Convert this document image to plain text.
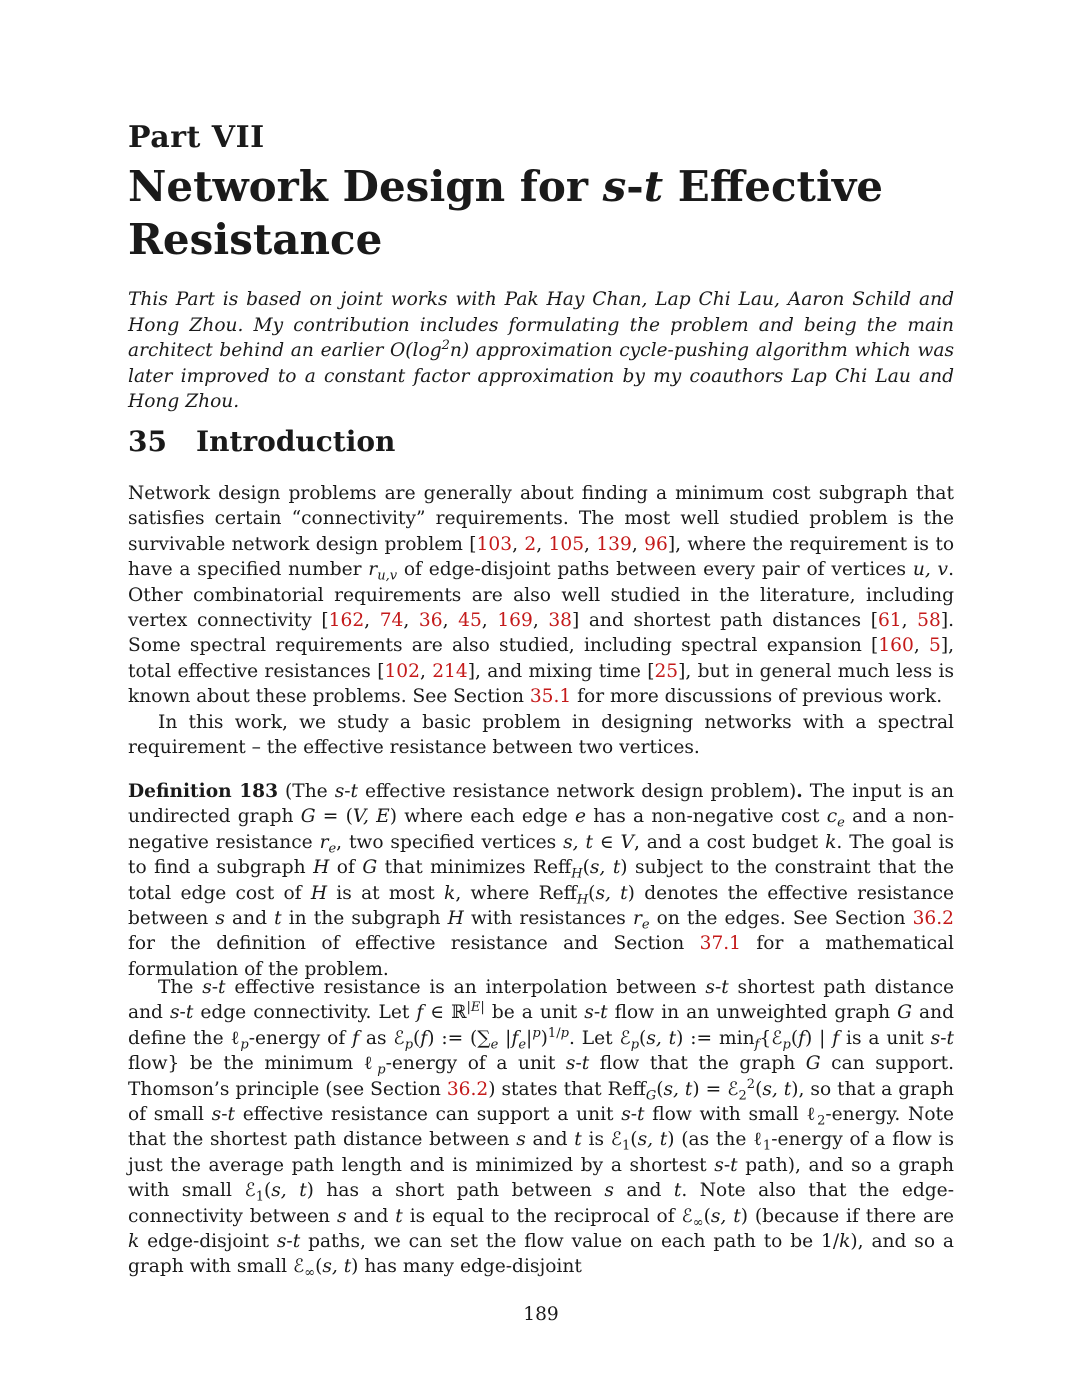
Part VII
Network Design for s-t Effective
Resistance
This Part is based on joint works with Pak Hay Chan, Lap Chi Lau, Aaron Schild and Hong Zhou. My contribution includes formulating the problem and being the main architect behind an earlier $O(\log^2n)$ approximation cycle-pushing algorithm which was later improved to a constant factor approximation by my coauthors Lap Chi Lau and Hong Zhou.
35 Introduction

Network design problems are generally about finding a minimum cost subgraph that satisfies certain “connectivity” requirements. The most well studied problem is the survivable network design problem [103, 2, 105, 139, 96], where the requirement is to have a specified number $r_{u,v}$ of edge-disjoint paths between every pair of vertices u, v. Other combinatorial requirements are also well studied in the literature, including vertex connectivity [162, 74, 36, 45, 169, 38] and shortest path distances [61, 58]. Some spectral requirements are also studied, including spectral expansion [160, 5], total effective resistances [102, 214], and mixing time [25], but in general much less is known about these problems. See Section 35.1 for more discussions of previous work.

In this work, we study a basic problem in designing networks with a spectral requirement – the effective resistance between two vertices.

Definition 183 (The s-t effective resistance network design problem). The input is an undirected graph G = (V, E) where each edge e has a non-negative cost $c_e$ and a non-negative resistance $r_e$, two specified vertices s, t ∈ V, and a cost budget k. The goal is to find a subgraph H of G that minimizes Reff$_H$(s, t) subject to the constraint that the total edge cost of H is at most k, where Reff$_H$(s, t) denotes the effective resistance between s and t in the subgraph H with resistances $r_e$ on the edges. See Section 36.2 for the definition of effective resistance and Section 37.1 for a mathematical formulation of the problem.

The s-t effective resistance is an interpolation between s-t shortest path distance and s-t edge connectivity. Let f ∈ ℝ$^{|E|}$ be a unit s-t flow in an unweighted graph G and define the ℓ$_p$-energy of f as ℰ$_p$(f) := ($\sum_e$ $|f_e|^p)^{1/p}$. Let ℰ$_p$(s, t) := $\min_f\{ℰ_p(f)$ | f is a unit s-t flow} be the minimum ℓ$_p$-energy of a unit s-t flow that the graph G can support. Thomson’s principle (see Section 36.2) states that Reff$_G$(s, t) = ℰ$_2^2$(s, t), so that a graph of small s-t effective resistance can support a unit s-t flow with small ℓ$_2$-energy. Note that the shortest path distance between s and t is ℰ$_1$(s, t) (as the ℓ$_1$-energy of a flow is just the average path length and is minimized by a shortest s-t path), and so a graph with small ℰ$_1$(s, t) has a short path between s and t. Note also that the edge-connectivity between s and t is equal to the reciprocal of ℰ$_\infty$(s, t) (because if there are k edge-disjoint s-t paths, we can set the flow value on each path to be 1/k), and so a graph with small ℰ$_\infty$(s, t) has many edge-disjoint

189
